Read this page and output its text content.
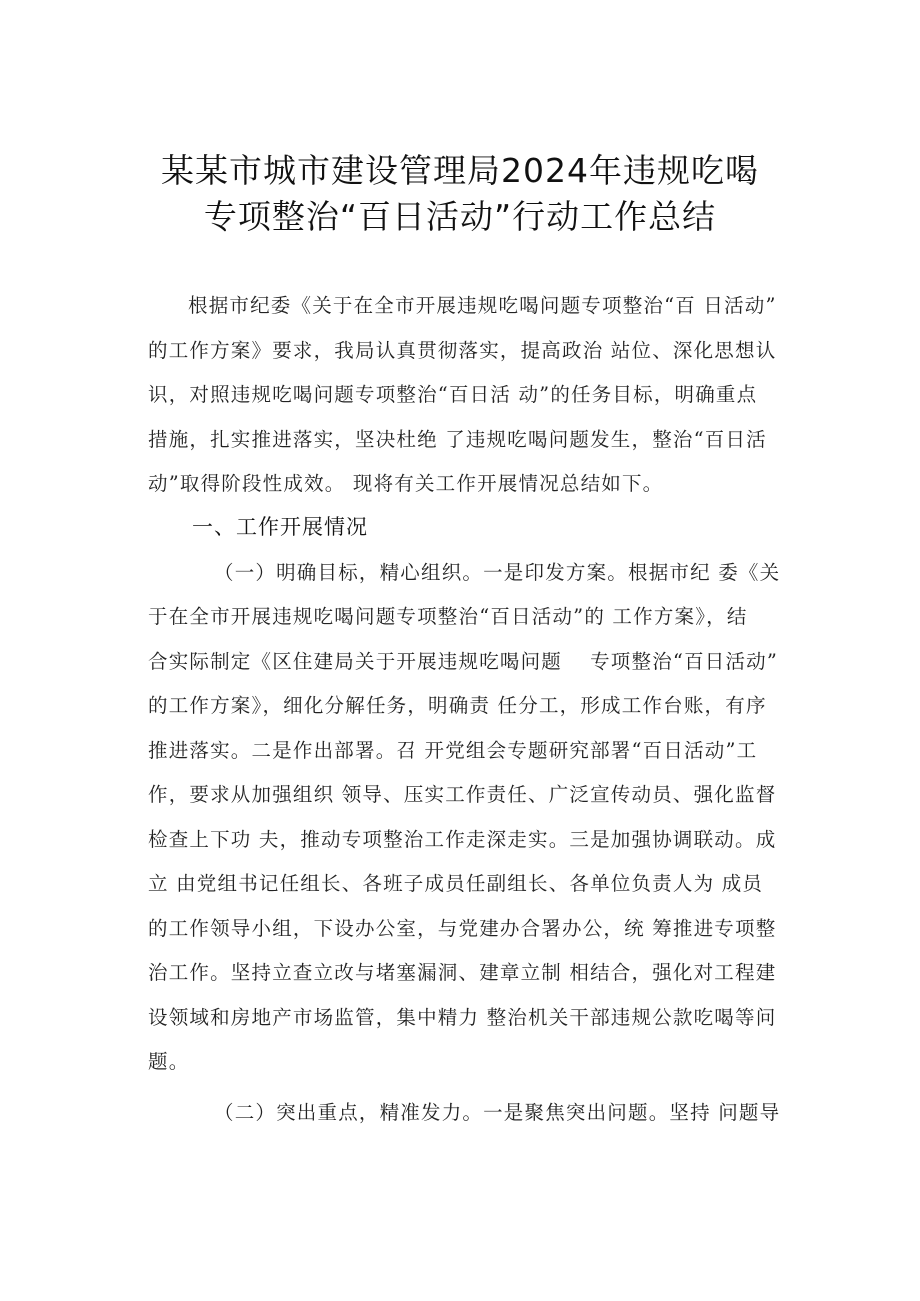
某某市城市建设管理局2024年违规吃喝
专项整治“百日活动”行动工作总结
根据市纪委《关于在全市开展违规吃喝问题专项整治“百 日活动”
的工作方案》要求，我局认真贯彻落实，提高政治 站位、深化思想认
识，对照违规吃喝问题专项整治“百日活 动”的任务目标，明确重点
措施，扎实推进落实，坚决杜绝 了违规吃喝问题发生，整治“百日活
动”取得阶段性成效。 现将有关工作开展情况总结如下。
一、工作开展情况
（一）明确目标，精心组织。一是印发方案。根据市纪 委《关
于在全市开展违规吃喝问题专项整治“百日活动”的 工作方案》，结
合实际制定《区住建局关于开展违规吃喝问题　 专项整治“百日活动”
的工作方案》，细化分解任务，明确责 任分工，形成工作台账，有序
推进落实。二是作出部署。召 开党组会专题研究部署“百日活动”工
作，要求从加强组织 领导、压实工作责任、广泛宣传动员、强化监督
检查上下功 夫，推动专项整治工作走深走实。三是加强协调联动。成
立 由党组书记任组长、各班子成员任副组长、各单位负责人为 成员
的工作领导小组，下设办公室，与党建办合署办公，统 筹推进专项整
治工作。坚持立查立改与堵塞漏洞、建章立制 相结合，强化对工程建
设领域和房地产市场监管，集中精力 整治机关干部违规公款吃喝等问
题。
（二）突出重点，精准发力。一是聚焦突出问题。坚持 问题导
